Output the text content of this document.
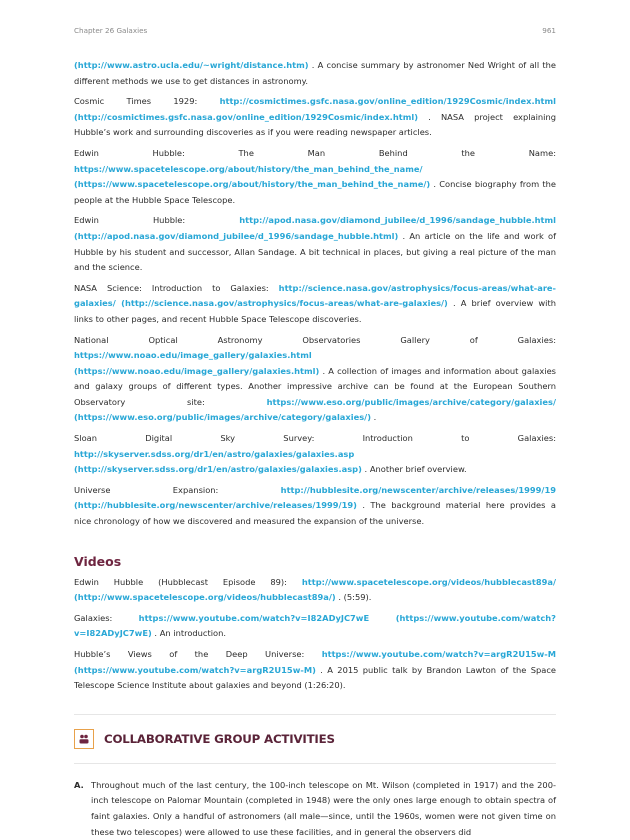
Chapter 26 Galaxies	961

(http://www.astro.ucla.edu/~wright/distance.htm) . A concise summary by astronomer Ned Wright of all the different methods we use to get distances in astronomy.

Cosmic Times 1929: http://cosmictimes.gsfc.nasa.gov/online_edition/1929Cosmic/index.html (http://cosmictimes.gsfc.nasa.gov/online_edition/1929Cosmic/index.html) . NASA project explaining Hubble’s work and surrounding discoveries as if you were reading newspaper articles.

Edwin Hubble: The Man Behind the Name: https://www.spacetelescope.org/about/history/the_man_behind_the_name/ (https://www.spacetelescope.org/about/history/the_man_behind_the_name/) . Concise biography from the people at the Hubble Space Telescope.

Edwin Hubble: http://apod.nasa.gov/diamond_jubilee/d_1996/sandage_hubble.html (http://apod.nasa.gov/diamond_jubilee/d_1996/sandage_hubble.html) . An article on the life and work of Hubble by his student and successor, Allan Sandage. A bit technical in places, but giving a real picture of the man and the science.

NASA Science: Introduction to Galaxies: http://science.nasa.gov/astrophysics/focus-areas/what-are-galaxies/ (http://science.nasa.gov/astrophysics/focus-areas/what-are-galaxies/) . A brief overview with links to other pages, and recent Hubble Space Telescope discoveries.

National Optical Astronomy Observatories Gallery of Galaxies: https://www.noao.edu/image_gallery/galaxies.html (https://www.noao.edu/image_gallery/galaxies.html) . A collection of images and information about galaxies and galaxy groups of different types. Another impressive archive can be found at the European Southern Observatory site: https://www.eso.org/public/images/archive/category/galaxies/ (https://www.eso.org/public/images/archive/category/galaxies/) .

Sloan Digital Sky Survey: Introduction to Galaxies: http://skyserver.sdss.org/dr1/en/astro/galaxies/galaxies.asp (http://skyserver.sdss.org/dr1/en/astro/galaxies/galaxies.asp) . Another brief overview.

Universe Expansion: http://hubblesite.org/newscenter/archive/releases/1999/19 (http://hubblesite.org/newscenter/archive/releases/1999/19) . The background material here provides a nice chronology of how we discovered and measured the expansion of the universe.

Videos

Edwin Hubble (Hubblecast Episode 89): http://www.spacetelescope.org/videos/hubblecast89a/ (http://www.spacetelescope.org/videos/hubblecast89a/) . (5:59).

Galaxies: https://www.youtube.com/watch?v=I82ADyJC7wE (https://www.youtube.com/watch?v=I82ADyJC7wE) . An introduction.

Hubble’s Views of the Deep Universe: https://www.youtube.com/watch?v=argR2U15w-M (https://www.youtube.com/watch?v=argR2U15w-M) . A 2015 public talk by Brandon Lawton of the Space Telescope Science Institute about galaxies and beyond (1:26:20).

COLLABORATIVE GROUP ACTIVITIES
A. Throughout much of the last century, the 100-inch telescope on Mt. Wilson (completed in 1917) and the 200-inch telescope on Palomar Mountain (completed in 1948) were the only ones large enough to obtain spectra of faint galaxies. Only a handful of astronomers (all male—since, until the 1960s, women were not given time on these two telescopes) were allowed to use these facilities, and in general the observers did
